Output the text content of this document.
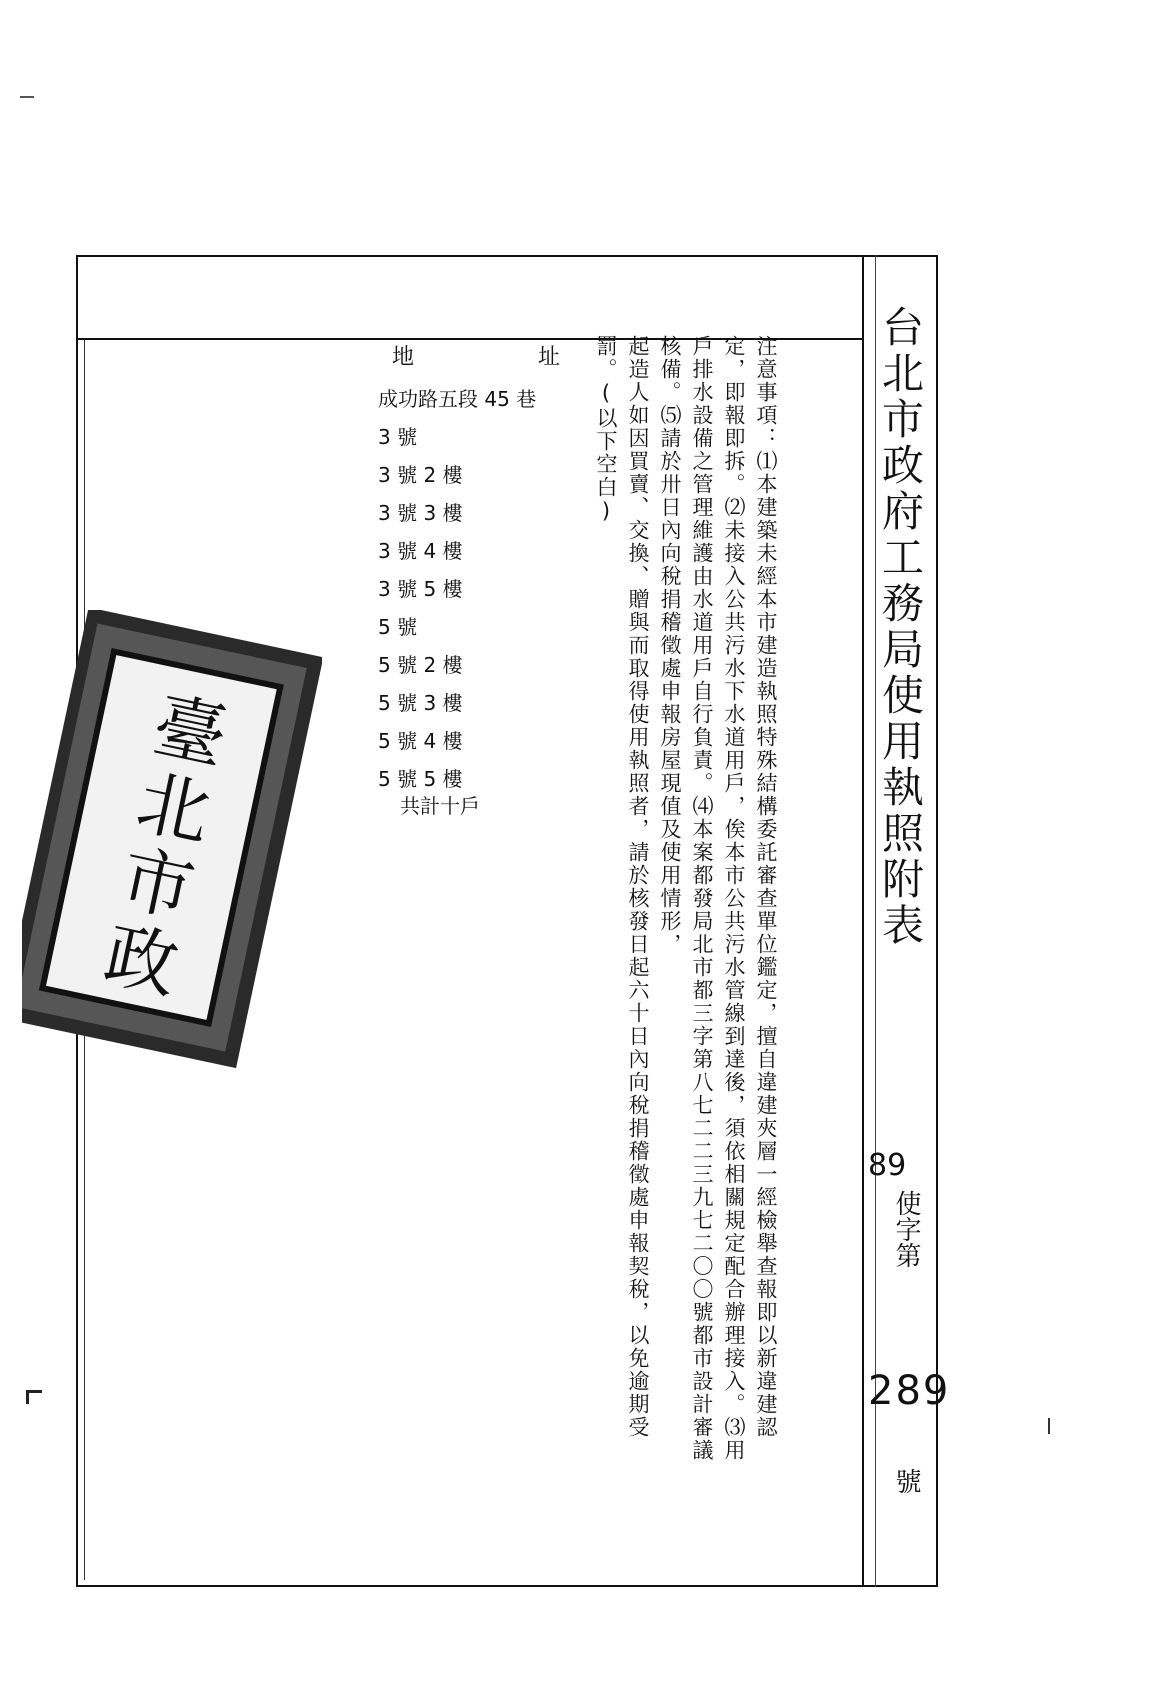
台北市政府工務局使用執照附表
89
使字第
289
號

注意事項：⑴本建築未經本市建造執照特殊結構委託審查單位鑑定，擅自違建夾層一經檢舉查報即以新違建認定，即報即拆。⑵未接入公共污水下水道用戶，俟本市公共污水管線到達後，須依相關規定配合辦理接入。⑶用戶排水設備之管理維護由水道用戶自行負責。⑷本案都發局北市都三字第八七二二三九七二〇〇號都市設計審議核備。⑸請於卅日內向稅捐稽徵處申報房屋現值及使用情形，

起造人如因買賣、交換、贈與而取得使用執照者，請於核發日起六十日內向稅捐稽徵處申報契稅，以免逾期受罰。(以下空白)

地	址
成功路五段 45 巷
3 號
3 號 2 樓
3 號 3 樓
3 號 4 樓
3 號 5 樓
5 號
5 號 2 樓
5 號 3 樓
5 號 4 樓
5 號 5 樓
共計十戶
臺北市政
